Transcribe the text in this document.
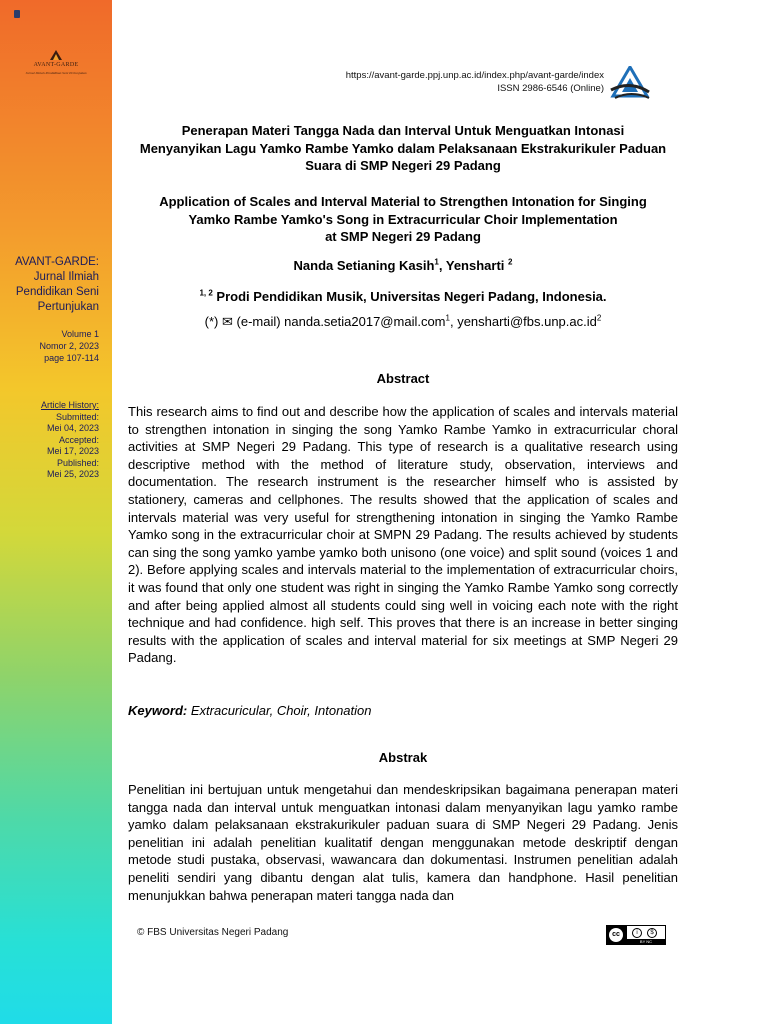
AVANT-GARDE
Jurnal Ilmiah Pendidikan Seni Pertunjukan
AVANT-GARDE:
Jurnal Ilmiah
Pendidikan Seni
Pertunjukan
Volume 1
Nomor 2, 2023
page 107-114
Article History:
Submitted:
Mei 04, 2023
Accepted:
Mei 17, 2023
Published:
Mei 25, 2023
https://avant-garde.ppj.unp.ac.id/index.php/avant-garde/index
ISSN 2986-6546 (Online)
Penerapan Materi Tangga Nada dan Interval Untuk Menguatkan Intonasi
Menyanyikan Lagu Yamko Rambe Yamko dalam Pelaksanaan Ekstrakurikuler Paduan
Suara di SMP Negeri 29 Padang
Application of Scales and Interval Material to Strengthen Intonation for Singing
Yamko Rambe Yamko's Song in Extracurricular Choir Implementation
at SMP Negeri 29 Padang
Nanda Setianing Kasih$^1$, Yensharti $^2$
$^{1, 2}$ Prodi Pendidikan Musik, Universitas Negeri Padang, Indonesia.
(*) ✉ (e-mail) nanda.setia2017@mail.com$^1$, $yensharti@fbs.unp.ac.id^2$
Abstract
This research aims to find out and describe how the application of scales and intervals material to strengthen intonation in singing the song Yamko Rambe Yamko in extracurricular choral activities at SMP Negeri 29 Padang. This type of research is a qualitative research using descriptive method with the method of literature study, observation, interviews and documentation. The research instrument is the researcher himself who is assisted by stationery, cameras and cellphones. The results showed that the application of scales and intervals material was very useful for strengthening intonation in singing the Yamko Rambe Yamko song in the extracurricular choir at SMPN 29 Padang. The results achieved by students can sing the song yamko yambe yamko both unisono (one voice) and split sound (voices 1 and 2). Before applying scales and intervals material to the implementation of extracurricular choirs, it was found that only one student was right in singing the Yamko Rambe Yamko song correctly and after being applied almost all students could sing well in voicing each note with the right technique and had confidence. high self. This proves that there is an increase in better singing results with the application of scales and interval material for six meetings at SMP Negeri 29 Padang.
Keyword: Extracuricular, Choir, Intonation
Abstrak
Penelitian ini bertujuan untuk mengetahui dan mendeskripsikan bagaimana penerapan materi tangga nada dan interval untuk menguatkan intonasi dalam menyanyikan lagu yamko rambe yamko dalam pelaksanaan ekstrakurikuler paduan suara di SMP Negeri 29 Padang. Jenis penelitian ini adalah penelitian kualitatif dengan menggunakan metode deskriptif dengan metode studi pustaka, observasi, wawancara dan dokumentasi. Instrumen penelitian adalah peneliti sendiri yang dibantu dengan alat tulis, kamera dan handphone. Hasil penelitian menunjukkan bahwa penerapan materi tangga nada dan
© FBS Universitas Negeri Padang	cc	i	$
BY NC
